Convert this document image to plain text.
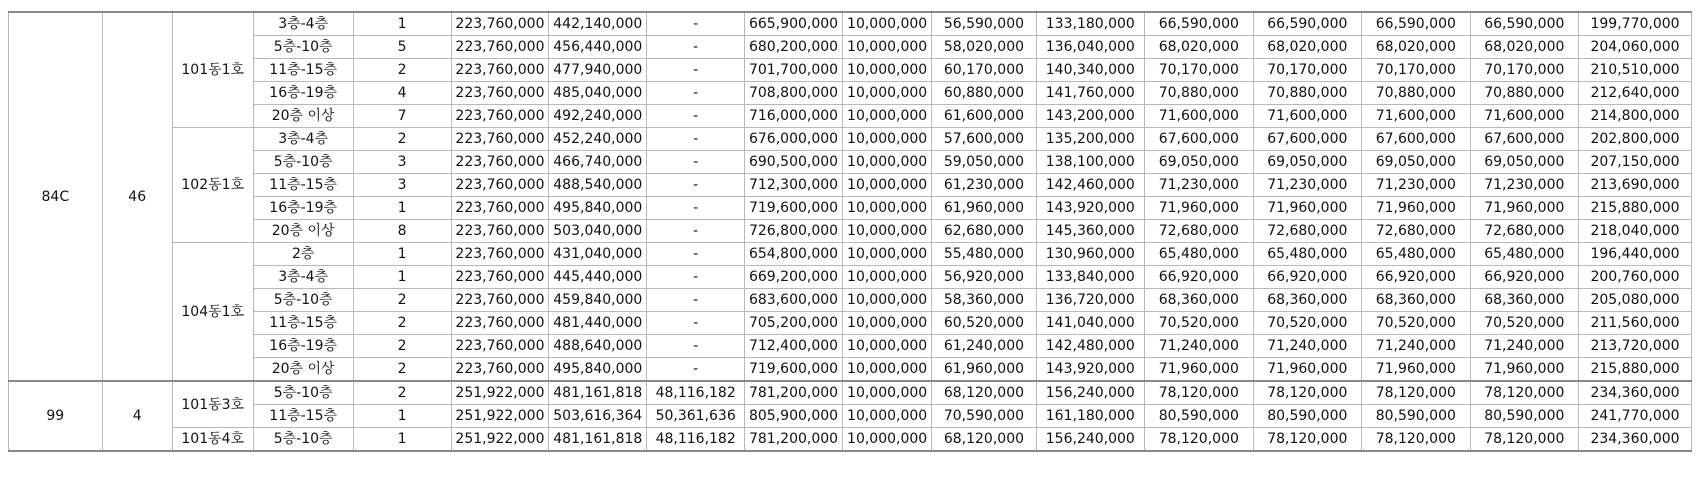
84C	46	101동1호	3층-4층	1	223,760,000	442,140,000	-	665,900,000	10,000,000	56,590,000	133,180,000	66,590,000	66,590,000	66,590,000	66,590,000	199,770,000
			5층-10층	5	223,760,000	456,440,000	-	680,200,000	10,000,000	58,020,000	136,040,000	68,020,000	68,020,000	68,020,000	68,020,000	204,060,000
			11층-15층	2	223,760,000	477,940,000	-	701,700,000	10,000,000	60,170,000	140,340,000	70,170,000	70,170,000	70,170,000	70,170,000	210,510,000
			16층-19층	4	223,760,000	485,040,000	-	708,800,000	10,000,000	60,880,000	141,760,000	70,880,000	70,880,000	70,880,000	70,880,000	212,640,000
			20층 이상	7	223,760,000	492,240,000	-	716,000,000	10,000,000	61,600,000	143,200,000	71,600,000	71,600,000	71,600,000	71,600,000	214,800,000
		102동1호	3층-4층	2	223,760,000	452,240,000	-	676,000,000	10,000,000	57,600,000	135,200,000	67,600,000	67,600,000	67,600,000	67,600,000	202,800,000
			5층-10층	3	223,760,000	466,740,000	-	690,500,000	10,000,000	59,050,000	138,100,000	69,050,000	69,050,000	69,050,000	69,050,000	207,150,000
			11층-15층	3	223,760,000	488,540,000	-	712,300,000	10,000,000	61,230,000	142,460,000	71,230,000	71,230,000	71,230,000	71,230,000	213,690,000
			16층-19층	1	223,760,000	495,840,000	-	719,600,000	10,000,000	61,960,000	143,920,000	71,960,000	71,960,000	71,960,000	71,960,000	215,880,000
			20층 이상	8	223,760,000	503,040,000	-	726,800,000	10,000,000	62,680,000	145,360,000	72,680,000	72,680,000	72,680,000	72,680,000	218,040,000
		104동1호	2층	1	223,760,000	431,040,000	-	654,800,000	10,000,000	55,480,000	130,960,000	65,480,000	65,480,000	65,480,000	65,480,000	196,440,000
			3층-4층	1	223,760,000	445,440,000	-	669,200,000	10,000,000	56,920,000	133,840,000	66,920,000	66,920,000	66,920,000	66,920,000	200,760,000
			5층-10층	2	223,760,000	459,840,000	-	683,600,000	10,000,000	58,360,000	136,720,000	68,360,000	68,360,000	68,360,000	68,360,000	205,080,000
			11층-15층	2	223,760,000	481,440,000	-	705,200,000	10,000,000	60,520,000	141,040,000	70,520,000	70,520,000	70,520,000	70,520,000	211,560,000
			16층-19층	2	223,760,000	488,640,000	-	712,400,000	10,000,000	61,240,000	142,480,000	71,240,000	71,240,000	71,240,000	71,240,000	213,720,000
			20층 이상	2	223,760,000	495,840,000	-	719,600,000	10,000,000	61,960,000	143,920,000	71,960,000	71,960,000	71,960,000	71,960,000	215,880,000
99	4	101동3호	5층-10층	2	251,922,000	481,161,818	48,116,182	781,200,000	10,000,000	68,120,000	156,240,000	78,120,000	78,120,000	78,120,000	78,120,000	234,360,000
			11층-15층	1	251,922,000	503,616,364	50,361,636	805,900,000	10,000,000	70,590,000	161,180,000	80,590,000	80,590,000	80,590,000	80,590,000	241,770,000
		101동4호	5층-10층	1	251,922,000	481,161,818	48,116,182	781,200,000	10,000,000	68,120,000	156,240,000	78,120,000	78,120,000	78,120,000	78,120,000	234,360,000
